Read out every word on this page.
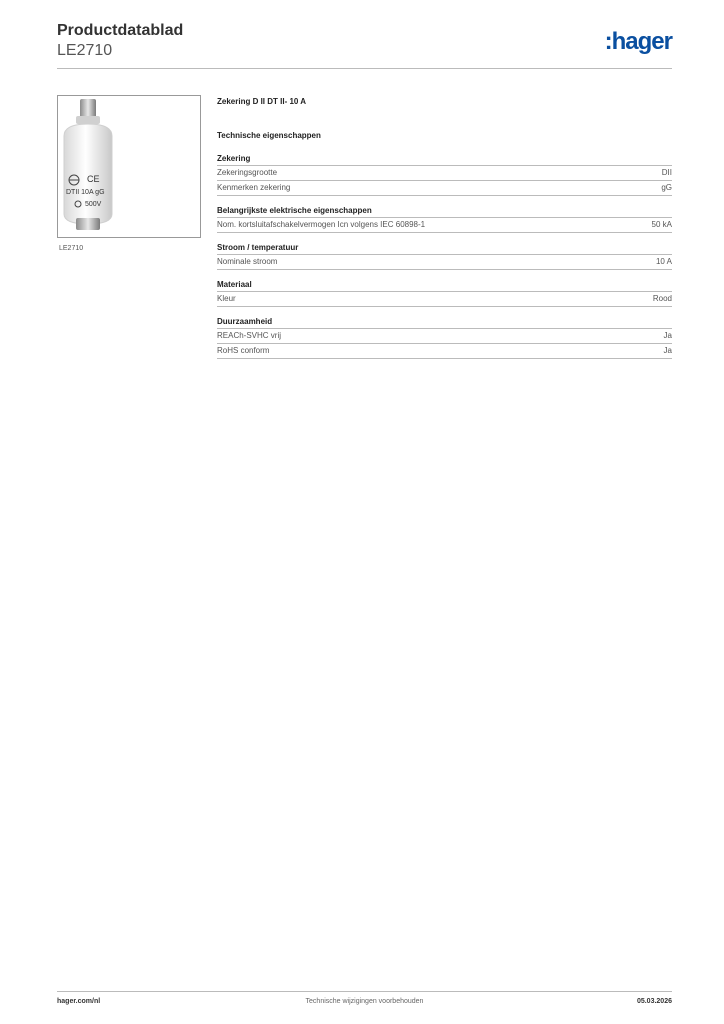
Productdatablad
LE2710	:hager
CE
DTII 10A gG
500V
LE2710
Zekering D II DT II- 10 A
Technische eigenschappen
Zekering
Zekeringsgrootte	DII
Kenmerken zekering	gG
Belangrijkste elektrische eigenschappen
Nom. kortsluitafschakelvermogen Icn volgens IEC 60898-1	50 kA
Stroom / temperatuur
Nominale stroom	10 A
Materiaal
Kleur	Rood
Duurzaamheid
REACh-SVHC vrij	Ja
RoHS conform	Ja
hager.com/nl	Technische wijzigingen voorbehouden	05.03.2026
